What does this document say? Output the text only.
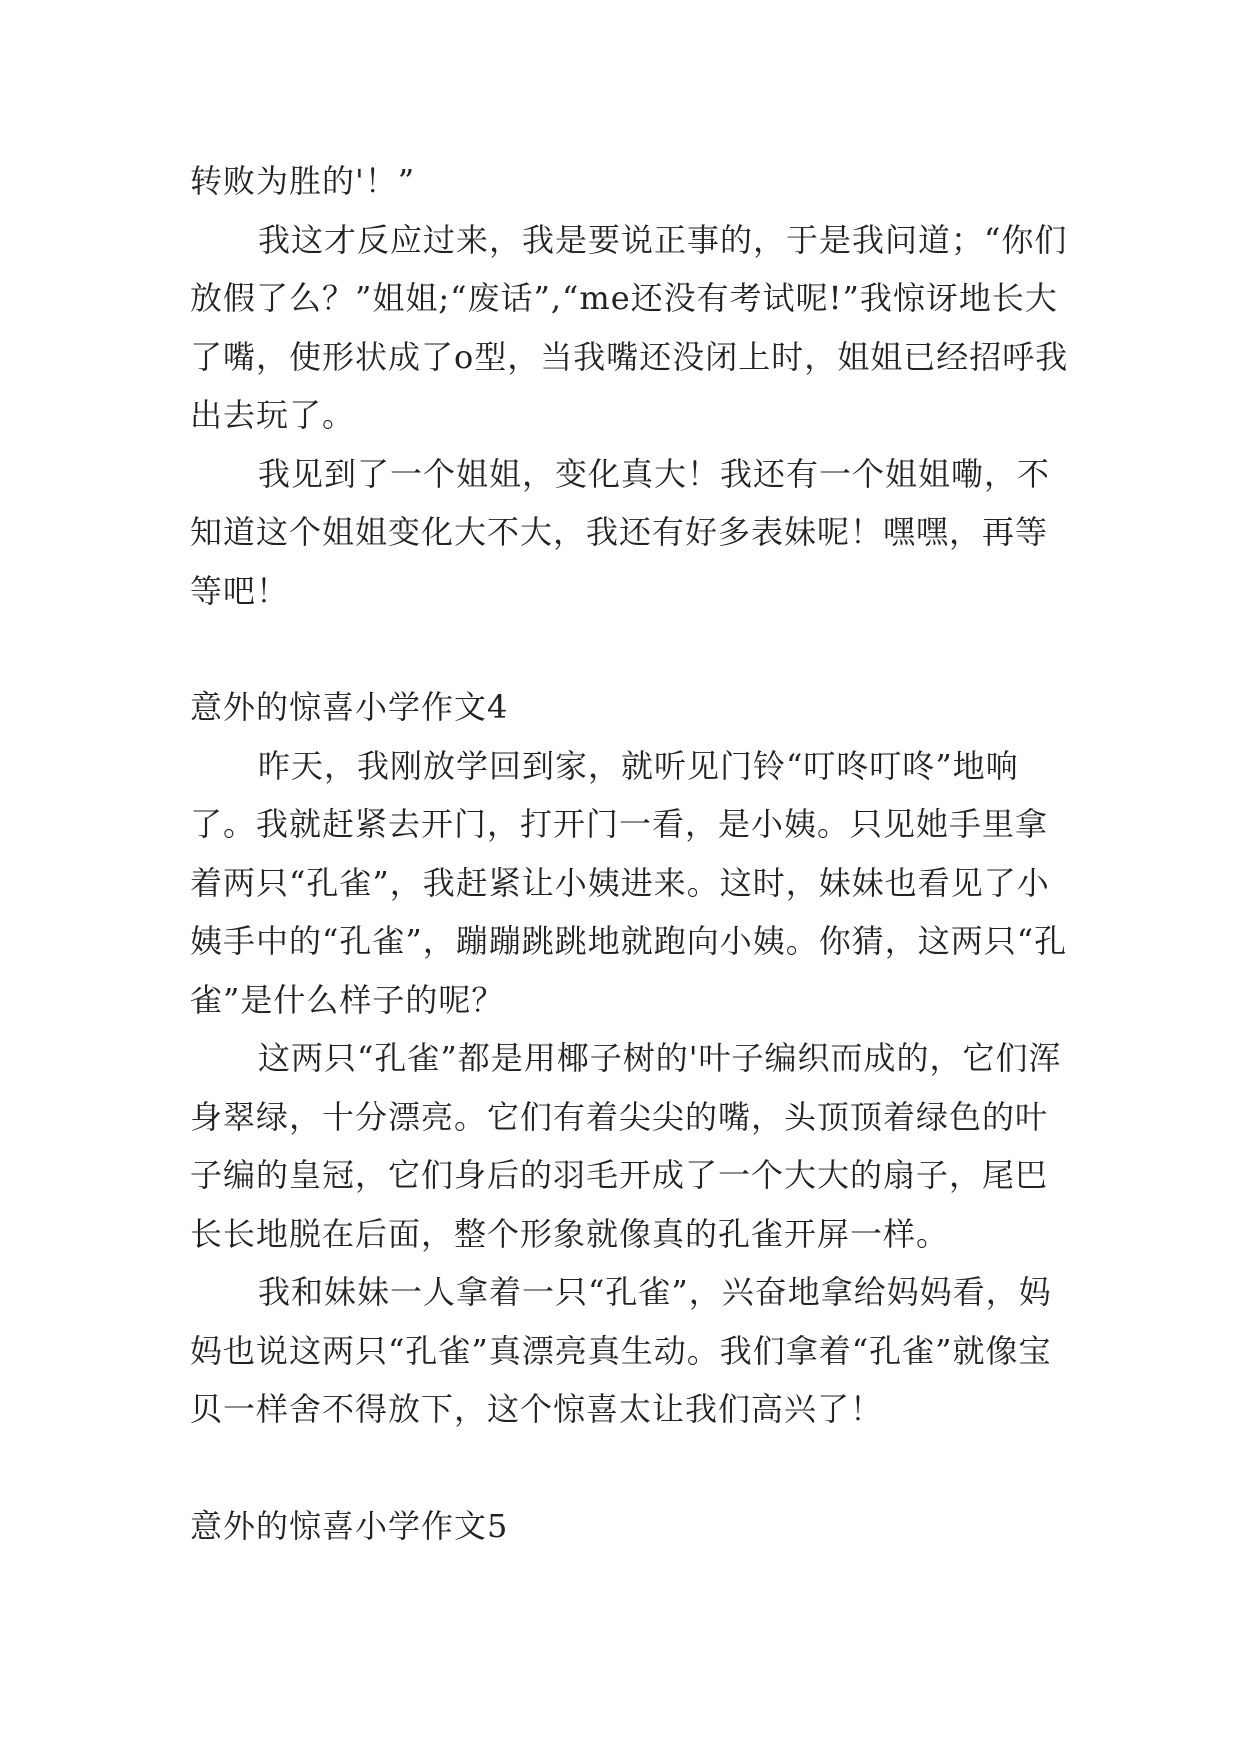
转败为胜的'！”

我这才反应过来，我是要说正事的，于是我问道；“你们放假了么？”姐姐;“废话”,“me还没有考试呢!”我惊讶地长大了嘴，使形状成了o型，当我嘴还没闭上时，姐姐已经招呼我出去玩了。

我见到了一个姐姐，变化真大！我还有一个姐姐嘞，不知道这个姐姐变化大不大，我还有好多表妹呢！嘿嘿，再等等吧！

意外的惊喜小学作文4

昨天，我刚放学回到家，就听见门铃“叮咚叮咚”地响了。我就赶紧去开门，打开门一看，是小姨。只见她手里拿着两只“孔雀”，我赶紧让小姨进来。这时，妹妹也看见了小姨手中的“孔雀”，蹦蹦跳跳地就跑向小姨。你猜，这两只“孔雀”是什么样子的呢？

这两只“孔雀”都是用椰子树的'叶子编织而成的，它们浑身翠绿，十分漂亮。它们有着尖尖的嘴，头顶顶着绿色的叶子编的皇冠，它们身后的羽毛开成了一个大大的扇子，尾巴长长地脱在后面，整个形象就像真的孔雀开屏一样。

我和妹妹一人拿着一只“孔雀”，兴奋地拿给妈妈看，妈妈也说这两只“孔雀”真漂亮真生动。我们拿着“孔雀”就像宝贝一样舍不得放下，这个惊喜太让我们高兴了！

意外的惊喜小学作文5
